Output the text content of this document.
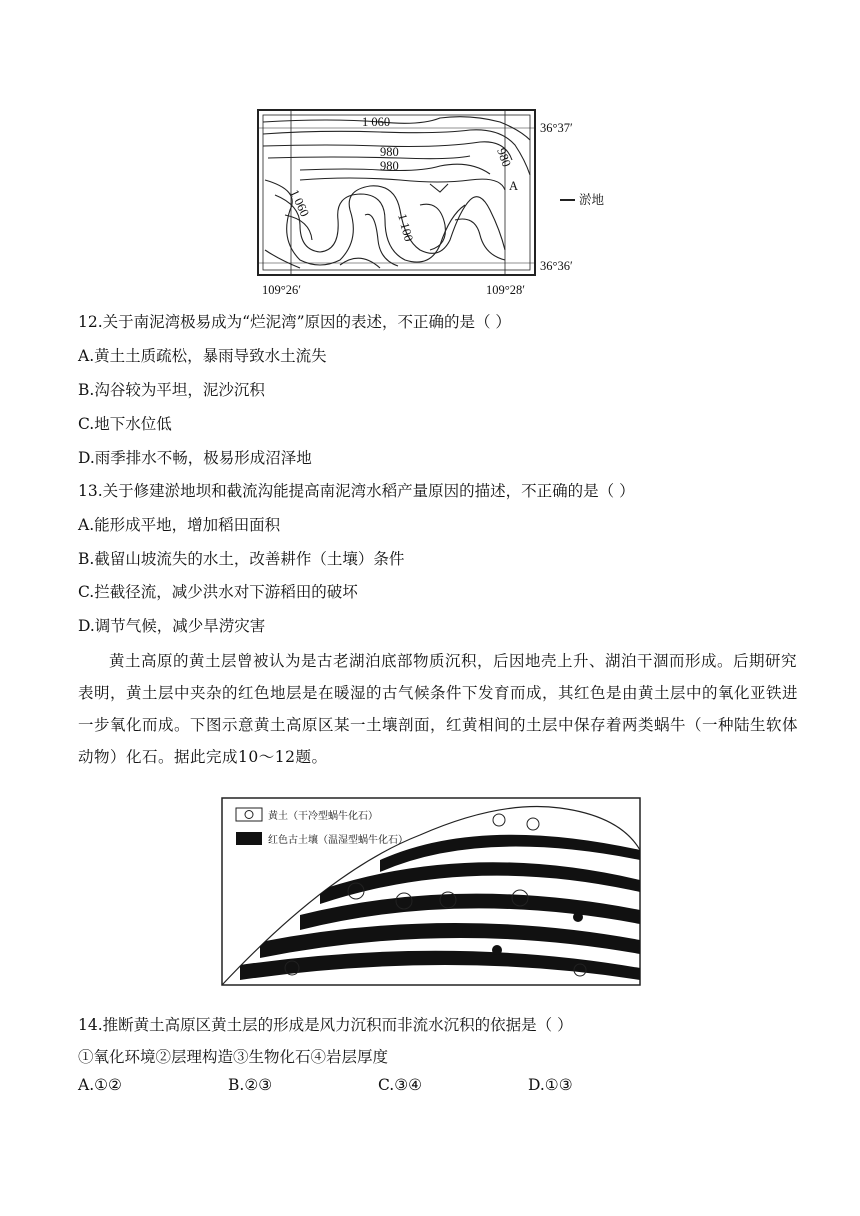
1 060
980
980	980
1 060
1 100
A
36°37′
36°36′
109°26′	109°28′
淤地
12.关于南泥湾极易成为“烂泥湾”原因的表述，不正确的是（ ）
A.黄土土质疏松，暴雨导致水土流失
B.沟谷较为平坦，泥沙沉积
C.地下水位低
D.雨季排水不畅，极易形成沼泽地
13.关于修建淤地坝和截流沟能提高南泥湾水稻产量原因的描述，不正确的是（ ）
A.能形成平地，增加稻田面积
B.截留山坡流失的水土，改善耕作（土壤）条件
C.拦截径流，减少洪水对下游稻田的破坏
D.调节气候，减少旱涝灾害
黄土高原的黄土层曾被认为是古老湖泊底部物质沉积，后因地壳上升、湖泊干涸而形成。后期研究表明，黄土层中夹杂的红色地层是在暖湿的古气候条件下发育而成，其红色是由黄土层中的氧化亚铁进一步氧化而成。下图示意黄土高原区某一土壤剖面，红黄相间的土层中保存着两类蜗牛（一种陆生软体动物）化石。据此完成10～12题。
黄土（干冷型蜗牛化石）
红色古土壤（温湿型蜗牛化石）
14.推断黄土高原区黄土层的形成是风力沉积而非流水沉积的依据是（ ）
①氧化环境②层理构造③生物化石④岩层厚度
A.①②	B.②③	C.③④	D.①③
